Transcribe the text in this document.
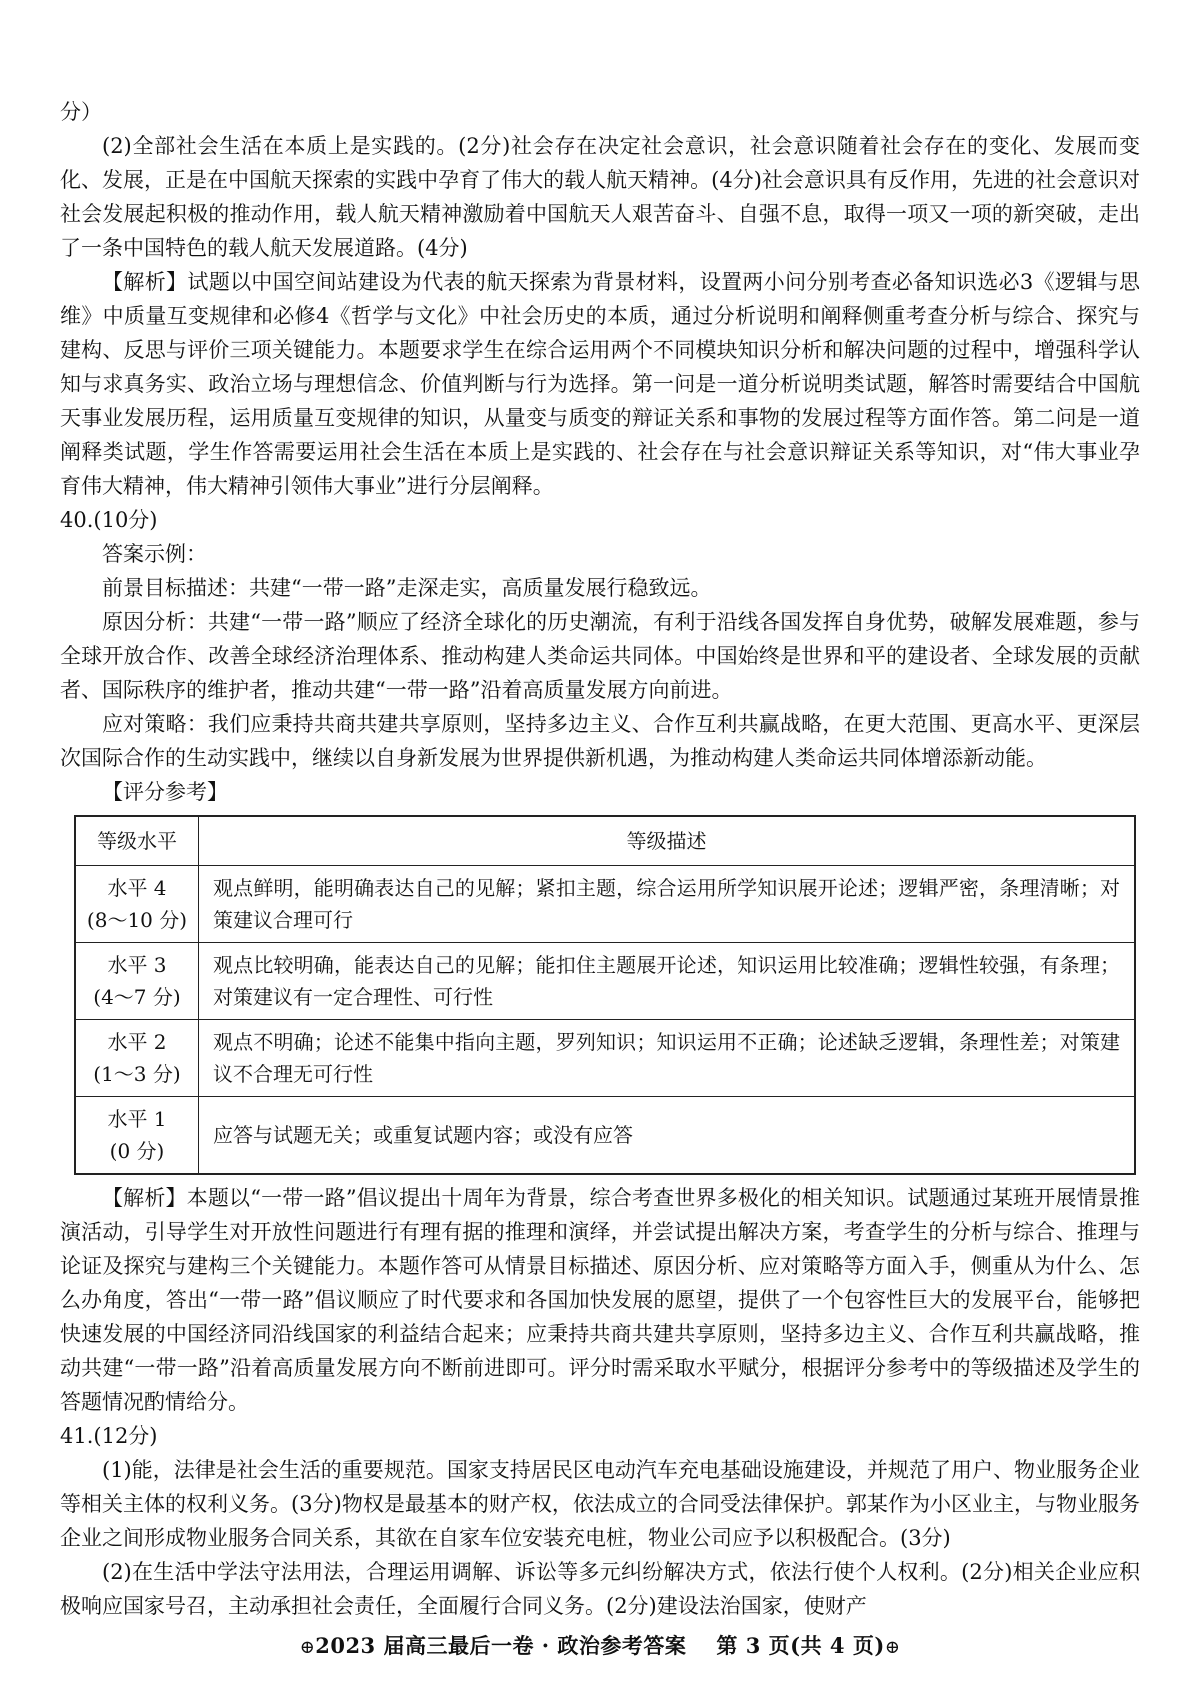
分）

(2)全部社会生活在本质上是实践的。(2分)社会存在决定社会意识，社会意识随着社会存在的变化、发展而变化、发展，正是在中国航天探索的实践中孕育了伟大的载人航天精神。(4分)社会意识具有反作用，先进的社会意识对社会发展起积极的推动作用，载人航天精神激励着中国航天人艰苦奋斗、自强不息，取得一项又一项的新突破，走出了一条中国特色的载人航天发展道路。(4分)

【解析】试题以中国空间站建设为代表的航天探索为背景材料，设置两小问分别考查必备知识选必3《逻辑与思维》中质量互变规律和必修4《哲学与文化》中社会历史的本质，通过分析说明和阐释侧重考查分析与综合、探究与建构、反思与评价三项关键能力。本题要求学生在综合运用两个不同模块知识分析和解决问题的过程中，增强科学认知与求真务实、政治立场与理想信念、价值判断与行为选择。第一问是一道分析说明类试题，解答时需要结合中国航天事业发展历程，运用质量互变规律的知识，从量变与质变的辩证关系和事物的发展过程等方面作答。第二问是一道阐释类试题，学生作答需要运用社会生活在本质上是实践的、社会存在与社会意识辩证关系等知识，对“伟大事业孕育伟大精神，伟大精神引领伟大事业”进行分层阐释。

40.(10分)

答案示例：

前景目标描述：共建“一带一路”走深走实，高质量发展行稳致远。

原因分析：共建“一带一路”顺应了经济全球化的历史潮流，有利于沿线各国发挥自身优势，破解发展难题，参与全球开放合作、改善全球经济治理体系、推动构建人类命运共同体。中国始终是世界和平的建设者、全球发展的贡献者、国际秩序的维护者，推动共建“一带一路”沿着高质量发展方向前进。

应对策略：我们应秉持共商共建共享原则，坚持多边主义、合作互利共赢战略，在更大范围、更高水平、更深层次国际合作的生动实践中，继续以自身新发展为世界提供新机遇，为推动构建人类命运共同体增添新动能。

【评分参考】

等级水平	等级描述

水平 4
(8～10 分)	观点鲜明，能明确表达自己的见解；紧扣主题，综合运用所学知识展开论述；逻辑严密，条理清晰；对策建议合理可行

水平 3
(4～7 分)	观点比较明确，能表达自己的见解；能扣住主题展开论述，知识运用比较准确；逻辑性较强，有条理；对策建议有一定合理性、可行性

水平 2
(1～3 分)	观点不明确；论述不能集中指向主题，罗列知识；知识运用不正确；论述缺乏逻辑，条理性差；对策建议不合理无可行性

水平 1
(0 分)	应答与试题无关；或重复试题内容；或没有应答

【解析】本题以“一带一路”倡议提出十周年为背景，综合考查世界多极化的相关知识。试题通过某班开展情景推演活动，引导学生对开放性问题进行有理有据的推理和演绎，并尝试提出解决方案，考查学生的分析与综合、推理与论证及探究与建构三个关键能力。本题作答可从情景目标描述、原因分析、应对策略等方面入手，侧重从为什么、怎么办角度，答出“一带一路”倡议顺应了时代要求和各国加快发展的愿望，提供了一个包容性巨大的发展平台，能够把快速发展的中国经济同沿线国家的利益结合起来；应秉持共商共建共享原则，坚持多边主义、合作互利共赢战略，推动共建“一带一路”沿着高质量发展方向不断前进即可。评分时需采取水平赋分，根据评分参考中的等级描述及学生的答题情况酌情给分。

41.(12分)

(1)能，法律是社会生活的重要规范。国家支持居民区电动汽车充电基础设施建设，并规范了用户、物业服务企业等相关主体的权利义务。(3分)物权是最基本的财产权，依法成立的合同受法律保护。郭某作为小区业主，与物业服务企业之间形成物业服务合同关系，其欲在自家车位安装充电桩，物业公司应予以积极配合。(3分)

(2)在生活中学法守法用法，合理运用调解、诉讼等多元纠纷解决方式，依法行使个人权利。(2分)相关企业应积极响应国家号召，主动承担社会责任，全面履行合同义务。(2分)建设法治国家，使财产

⊕2023 届高三最后一卷 · 政治参考答案 第 3 页(共 4 页)⊕
